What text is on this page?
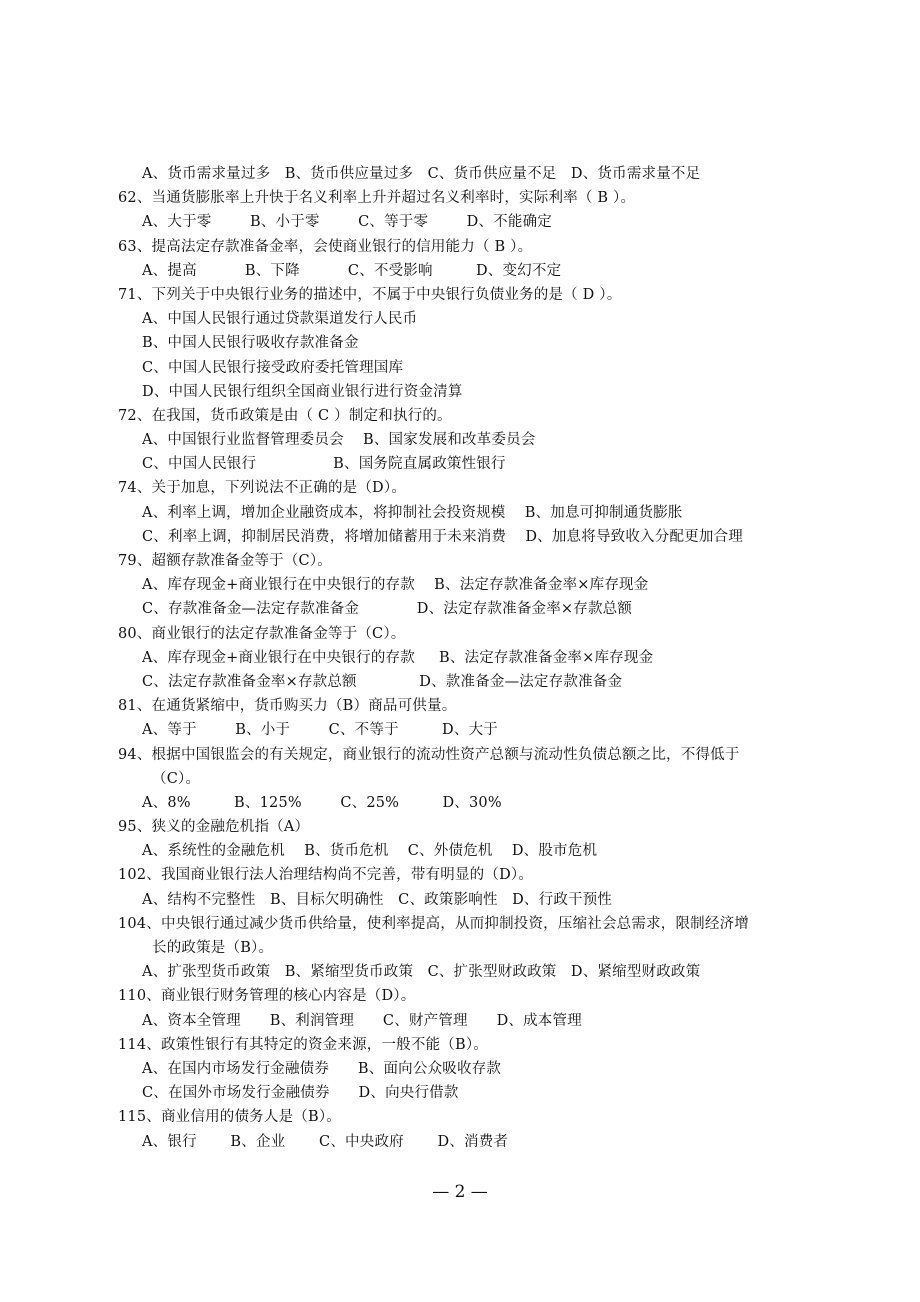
A、货币需求量过多   B、货币供应量过多   C、货币供应量不足   D、货币需求量不足
62、当通货膨胀率上升快于名义利率上升并超过名义利率时，实际利率（ B ）。
A、大于零        B、小于零        C、等于零        D、不能确定
63、提高法定存款准备金率，会使商业银行的信用能力（ B ）。
A、提高          B、下降          C、不受影响         D、变幻不定
71、下列关于中央银行业务的描述中，不属于中央银行负债业务的是（ D ）。
A、中国人民银行通过贷款渠道发行人民币
B、中国人民银行吸收存款准备金
C、中国人民银行接受政府委托管理国库
D、中国人民银行组织全国商业银行进行资金清算
72、在我国，货币政策是由（ C ）制定和执行的。
A、中国银行业监督管理委员会    B、国家发展和改革委员会
C、中国人民银行                B、国务院直属政策性银行
74、关于加息，下列说法不正确的是（D）。
A、利率上调，增加企业融资成本，将抑制社会投资规模    B、加息可抑制通货膨胀
C、利率上调，抑制居民消费，将增加储蓄用于未来消费    D、加息将导致收入分配更加合理
79、超额存款准备金等于（C）。
A、库存现金+商业银行在中央银行的存款    B、法定存款准备金率×库存现金
C、存款准备金—法定存款准备金            D、法定存款准备金率×存款总额
80、商业银行的法定存款准备金等于（C）。
A、库存现金+商业银行在中央银行的存款     B、法定存款准备金率×库存现金
C、法定存款准备金率×存款总额             D、款准备金—法定存款准备金
81、在通货紧缩中，货币购买力（B）商品可供量。
A、等于        B、小于        C、不等于         D、大于
94、根据中国银监会的有关规定，商业银行的流动性资产总额与流动性负债总额之比，不得低于
（C）。
A、8%         B、125%        C、25%         D、30%
95、狭义的金融危机指（A）
A、系统性的金融危机    B、货币危机    C、外债危机    D、股市危机
102、我国商业银行法人治理结构尚不完善，带有明显的（D）。
A、结构不完整性   B、目标欠明确性   C、政策影响性   D、行政干预性
104、中央银行通过减少货币供给量，使利率提高，从而抑制投资，压缩社会总需求，限制经济增
长的政策是（B）。
A、扩张型货币政策   B、紧缩型货币政策   C、扩张型财政政策   D、紧缩型财政政策
110、商业银行财务管理的核心内容是（D）。
A、资本全管理      B、利润管理      C、财产管理      D、成本管理
114、政策性银行有其特定的资金来源，一般不能（B）。
A、在国内市场发行金融债券      B、面向公众吸收存款
C、在国外市场发行金融债券      D、向央行借款
115、商业信用的债务人是（B）。
A、银行       B、企业       C、中央政府       D、消费者
— 2 —
